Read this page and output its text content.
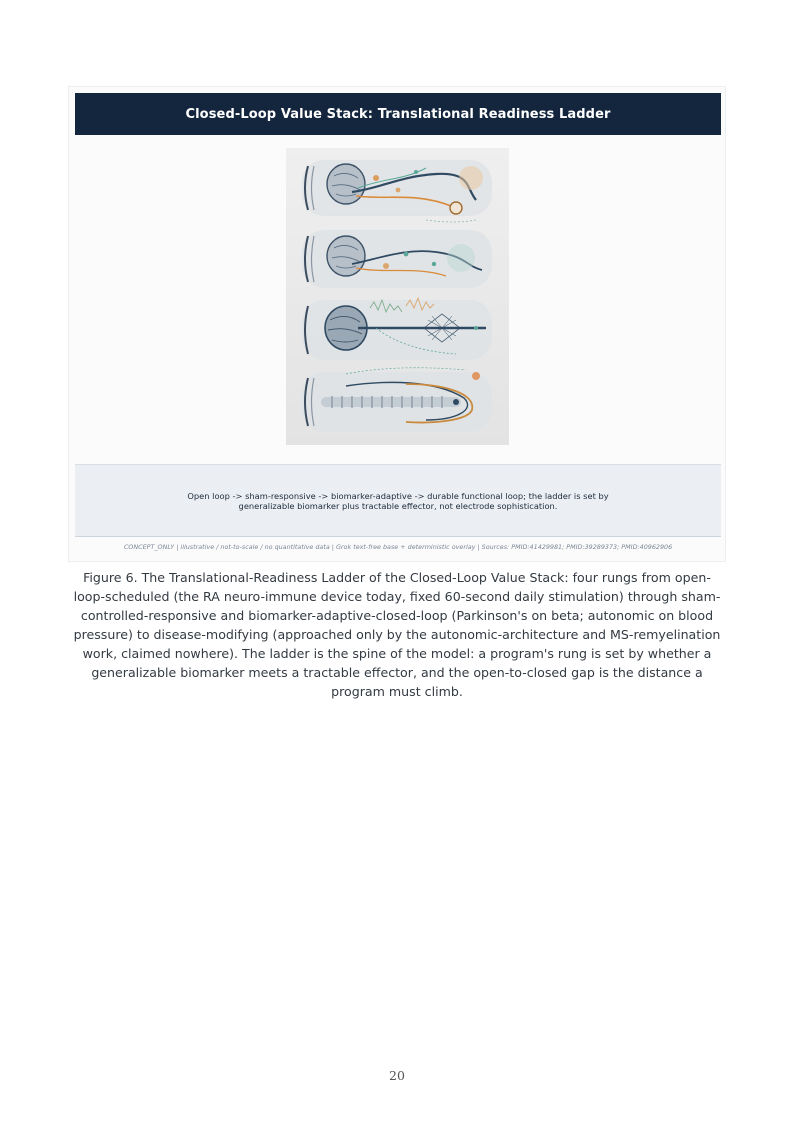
Closed-Loop Value Stack: Translational Readiness Ladder
Open loop -> sham-responsive -> biomarker-adaptive -> durable functional loop; the ladder is set by generalizable biomarker plus tractable effector, not electrode sophistication.
CONCEPT_ONLY | illustrative / not-to-scale / no quantitative data | Grok text-free base + deterministic overlay | Sources: PMID:41429981; PMID:39289373; PMID:40962906
Figure 6. The Translational-Readiness Ladder of the Closed-Loop Value Stack: four rungs from open-loop-scheduled (the RA neuro-immune device today, fixed 60-second daily stimulation) through sham-controlled-responsive and biomarker-adaptive-closed-loop (Parkinson's on beta; autonomic on blood pressure) to disease-modifying (approached only by the autonomic-architecture and MS-remyelination work, claimed nowhere). The ladder is the spine of the model: a program's rung is set by whether a generalizable biomarker meets a tractable effector, and the open-to-closed gap is the distance a program must climb.
20
